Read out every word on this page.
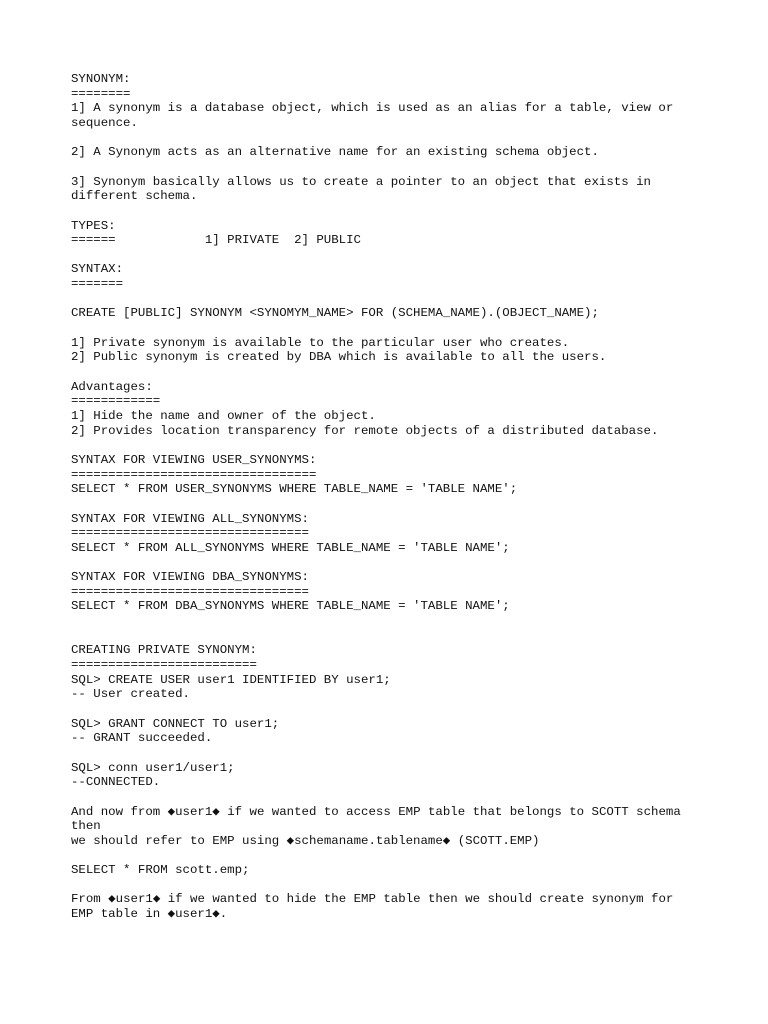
SYNONYM:
========
1] A synonym is a database object, which is used as an alias for a table, view or
sequence.
2] A Synonym acts as an alternative name for an existing schema object.
3] Synonym basically allows us to create a pointer to an object that exists in
different schema.
TYPES:
======            1] PRIVATE  2] PUBLIC
SYNTAX:
=======
CREATE [PUBLIC] SYNONYM <SYNOMYM_NAME> FOR (SCHEMA_NAME).(OBJECT_NAME);
1] Private synonym is available to the particular user who creates.
2] Public synonym is created by DBA which is available to all the users.
Advantages:
============
1] Hide the name and owner of the object.
2] Provides location transparency for remote objects of a distributed database.
SYNTAX FOR VIEWING USER_SYNONYMS:
=================================
SELECT * FROM USER_SYNONYMS WHERE TABLE_NAME = 'TABLE NAME';
SYNTAX FOR VIEWING ALL_SYNONYMS:
================================
SELECT * FROM ALL_SYNONYMS WHERE TABLE_NAME = 'TABLE NAME';
SYNTAX FOR VIEWING DBA_SYNONYMS:
================================
SELECT * FROM DBA_SYNONYMS WHERE TABLE_NAME = 'TABLE NAME';
CREATING PRIVATE SYNONYM:
=========================
SQL> CREATE USER user1 IDENTIFIED BY user1;
-- User created.
SQL> GRANT CONNECT TO user1;
-- GRANT succeeded.
SQL> conn user1/user1;
--CONNECTED.
And now from ◆user1◆ if we wanted to access EMP table that belongs to SCOTT schema
then
we should refer to EMP using ◆schemaname.tablename◆ (SCOTT.EMP)
SELECT * FROM scott.emp;
From ◆user1◆ if we wanted to hide the EMP table then we should create synonym for
EMP table in ◆user1◆.
